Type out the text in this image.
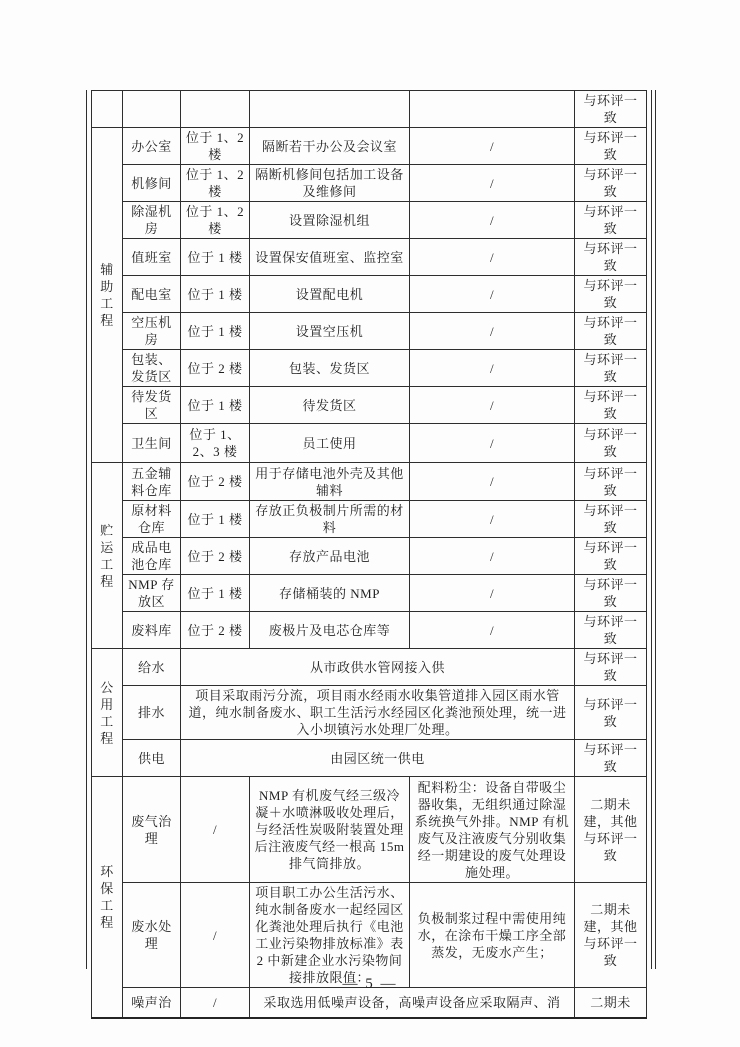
					与环评一致
辅助工程	办公室	位于 1、2 楼	隔断若干办公及会议室	/	与环评一致
	机修间	位于 1、2 楼	隔断机修间包括加工设备及维修间	/	与环评一致
	除湿机房	位于 1、2 楼	设置除湿机组	/	与环评一致
	值班室	位于 1 楼	设置保安值班室、监控室	/	与环评一致
	配电室	位于 1 楼	设置配电机	/	与环评一致
	空压机房	位于 1 楼	设置空压机	/	与环评一致
	包装、发货区	位于 2 楼	包装、发货区	/	与环评一致
	待发货区	位于 1 楼	待发货区	/	与环评一致
	卫生间	位于 1、2、3 楼	员工使用	/	与环评一致
贮运工程	五金辅料仓库	位于 2 楼	用于存储电池外壳及其他辅料	/	与环评一致
	原材料仓库	位于 1 楼	存放正负极制片所需的材料	/	与环评一致
	成品电池仓库	位于 2 楼	存放产品电池	/	与环评一致
	NMP 存放区	位于 1 楼	存储桶装的 NMP	/	与环评一致
	废料库	位于 2 楼	废极片及电芯仓库等	/	与环评一致
公用工程	给水	从市政供水管网接入供			与环评一致
	排水	项目采取雨污分流，项目雨水经雨水收集管道排入园区雨水管道，纯水制备废水、职工生活污水经园区化粪池预处理，统一进入小坝镇污水处理厂处理。			与环评一致
	供电	由园区统一供电			与环评一致
环保工程	废气治理	/	NMP 有机废气经三级冷凝＋水喷淋吸收处理后，与经活性炭吸附装置处理后注液废气经一根高 15m 排气筒排放。	配料粉尘：设备自带吸尘器收集，无组织通过除湿系统换气外排。NMP 有机废气及注液废气分别收集经一期建设的废气处理设施处理。	二期未建，其他与环评一致
	废水处理	/	项目职工办公生活污水、纯水制备废水一起经园区化粪池处理后执行《电池工业污染物排放标准》表 2 中新建企业水污染物间接排放限值：	负极制浆过程中需使用纯水，在涂布干燥工序全部蒸发，无废水产生；	二期未建，其他与环评一致
	噪声治	/	采取选用低噪声设备，高噪声设备应采取隔声、消		二期未
— 5 —
